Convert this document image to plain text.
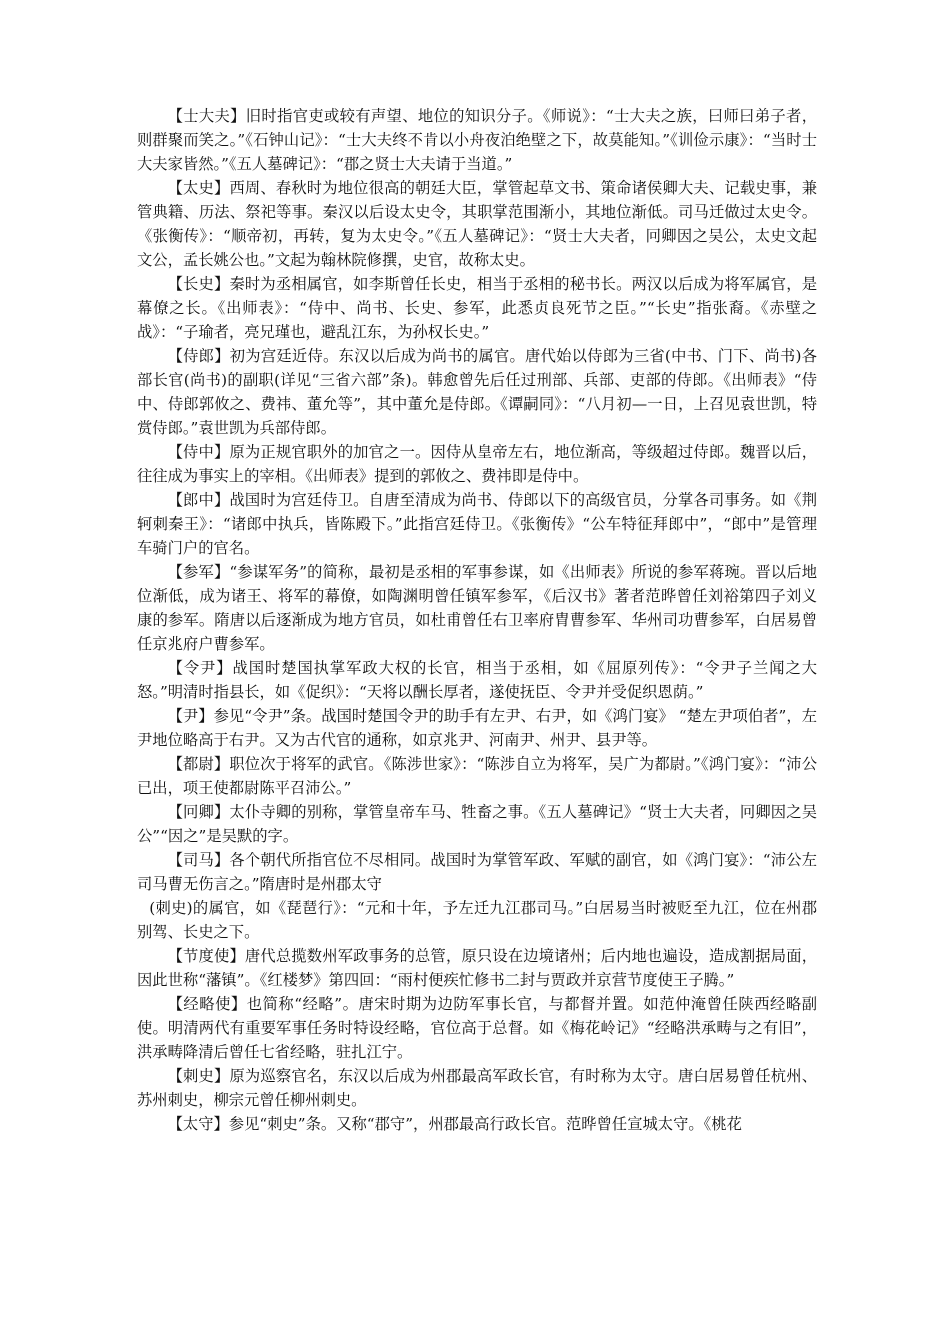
【士大夫】旧时指官吏或较有声望、地位的知识分子。《师说》：“士大夫之族，曰师曰弟子者，则群聚而笑之。”《石钟山记》：“士大夫终不肯以小舟夜泊绝壁之下，故莫能知。”《训俭示康》：“当时士大夫家皆然。”《五人墓碑记》：“郡之贤士大夫请于当道。”

【太史】西周、春秋时为地位很高的朝廷大臣，掌管起草文书、策命诸侯卿大夫、记载史事，兼管典籍、历法、祭祀等事。秦汉以后设太史令，其职掌范围渐小，其地位渐低。司马迁做过太史令。《张衡传》：“顺帝初，再转，复为太史令。”《五人墓碑记》：“贤士大夫者，冋卿因之吴公，太史文起文公，孟长姚公也。”文起为翰林院修撰，史官，故称太史。

【长史】秦时为丞相属官，如李斯曾任长史，相当于丞相的秘书长。两汉以后成为将军属官，是幕僚之长。《出师表》：“侍中、尚书、长史、参军，此悉贞良死节之臣。”“长史”指张裔。《赤壁之战》：“子瑜者，亮兄瑾也，避乱江东，为孙权长史。”

【侍郎】初为宫廷近侍。东汉以后成为尚书的属官。唐代始以侍郎为三省(中书、门下、尚书)各部长官(尚书)的副职(详见“三省六部”条)。韩愈曾先后任过刑部、兵部、吏部的侍郎。《出师表》“侍中、侍郎郭攸之、费祎、董允等”，其中董允是侍郎。《谭嗣同》：“八月初—一日，上召见袁世凯，特赏侍郎。”袁世凯为兵部侍郎。

【侍中】原为正规官职外的加官之一。因侍从皇帝左右，地位渐高，等级超过侍郎。魏晋以后，往往成为事实上的宰相。《出师表》提到的郭攸之、费祎即是侍中。

【郎中】战国时为宫廷侍卫。自唐至清成为尚书、侍郎以下的高级官员，分掌各司事务。如《荆轲刺秦王》：“诸郎中执兵，皆陈殿下。”此指宫廷侍卫。《张衡传》“公车特征拜郎中”，“郎中”是管理车骑门户的官名。

【参军】“参谋军务”的简称，最初是丞相的军事参谋，如《出师表》所说的参军蒋琬。晋以后地位渐低，成为诸王、将军的幕僚，如陶渊明曾任镇军参军，《后汉书》著者范晔曾任刘裕第四子刘义康的参军。隋唐以后逐渐成为地方官员，如杜甫曾任右卫率府胄曹参军、华州司功曹参军，白居易曾任京兆府户曹参军。

【令尹】战国时楚国执掌军政大权的长官，相当于丞相，如《屈原列传》：“令尹子兰闻之大怒。”明清时指县长，如《促织》：“天将以酬长厚者，遂使抚臣、令尹并受促织恩荫。”

【尹】参见“令尹”条。战国时楚国令尹的助手有左尹、右尹，如《鸿门宴》 “楚左尹项伯者”，左尹地位略高于右尹。又为古代官的通称，如京兆尹、河南尹、州尹、县尹等。

【都尉】职位次于将军的武官。《陈涉世家》：“陈涉自立为将军，吴广为都尉。”《鸿门宴》：“沛公已出，项王使都尉陈平召沛公。”

【冋卿】太仆寺卿的别称，掌管皇帝车马、牲畜之事。《五人墓碑记》“贤士大夫者，冋卿因之吴公”“因之”是吴默的字。

【司马】各个朝代所指官位不尽相同。战国时为掌管军政、军赋的副官，如《鸿门宴》：“沛公左司马曹无伤言之。”隋唐时是州郡太守

(刺史)的属官，如《琵琶行》：“元和十年，予左迁九江郡司马。”白居易当时被贬至九江，位在州郡别驾、长史之下。

【节度使】唐代总揽数州军政事务的总管，原只设在边境诸州；后内地也遍设，造成割据局面，因此世称“藩镇”。《红楼梦》第四回：“雨村便疾忙修书二封与贾政并京营节度使王子腾。”

【经略使】也简称“经略”。唐宋时期为边防军事长官，与都督并置。如范仲淹曾任陕西经略副使。明清两代有重要军事任务时特设经略，官位高于总督。如《梅花岭记》“经略洪承畴与之有旧”，洪承畴降清后曾任七省经略，驻扎江宁。

【刺史】原为巡察官名，东汉以后成为州郡最高军政长官，有时称为太守。唐白居易曾任杭州、苏州刺史，柳宗元曾任柳州刺史。

【太守】参见“刺史”条。又称“郡守”，州郡最高行政长官。范晔曾任宣城太守。《桃花
